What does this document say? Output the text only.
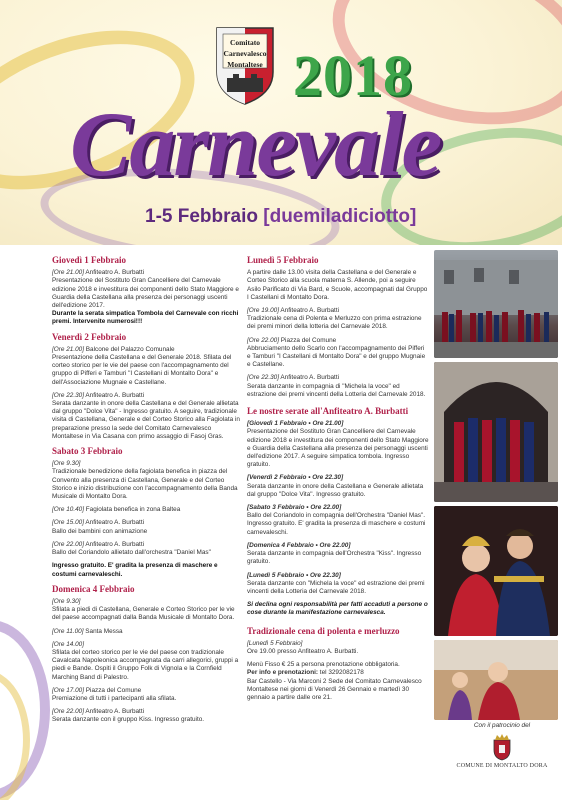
Comitato
Carnevalesco
Montaltese 2018
Carnevale
1-5 Febbraio [duemiladiciotto]
Giovedì 1 Febbraio
[Ore 21.00] Anfiteatro A. Burbatti
Presentazione del Sostituto Gran Cancelliere del Carnevale edizione 2018 e investitura dei componenti dello Stato Maggiore e Guardia della Castellana alla presenza dei personaggi uscenti dell'edizione 2017.
Durante la serata simpatica Tombola del Carnevale con ricchi premi. Intervenite numerosi!!!
Venerdì 2 Febbraio
[Ore 21.00] Balcone del Palazzo Comunale
Presentazione della Castellana e del Generale 2018. Sfilata del corteo storico per le vie del paese con l'accompagnamento del gruppo di Pifferi e Tamburi "I Castellani di Montalto Dora" e dell'Associazione Mugnaie e Castellane.
[Ore 22.30] Anfiteatro A. Burbatti
Serata danzante in onore della Castellana e del Generale allietata dal gruppo "Dolce Vita" - Ingresso gratuito. A seguire, tradizionale visita di Castellana, Generale e del Corteo Storico alla Fagiolata in preparazione presso la sede del Comitato Carnevalesco Montaltese in Via Casana con primo assaggio di Fasoj Gras.
Sabato 3 Febbraio
[Ore 9.30]
Tradizionale benedizione della fagiolata benefica in piazza del Convento alla presenza di Castellana, Generale e del Corteo Storico e inizio distribuzione con l'accompagnamento della Banda Musicale di Montalto Dora.
[Ore 10.40] Fagiolata benefica in zona Baltea
[Ore 15.00] Anfiteatro A. Burbatti
Ballo dei bambini con animazione
[Ore 22.00] Anfiteatro A. Burbatti
Ballo del Coriandolo allietato dall'orchestra "Daniel Mas"
Ingresso gratuito. E' gradita la presenza di maschere e costumi carnevaleschi.
Domenica 4 Febbraio
[Ore 9.30]
Sfilata a piedi di Castellana, Generale e Corteo Storico per le vie del paese accompagnati dalla Banda Musicale di Montalto Dora.
[Ore 11.00] Santa Messa
[Ore 14.00]
Sfilata del corteo storico per le vie del paese con tradizionale Cavalcata Napoleonica accompagnata da carri allegorici, gruppi a piedi e Bande. Ospiti il Gruppo Folk di Vignola e la Cornfield Marching Band di Palestro.
[Ore 17.00] Piazza del Comune
Premiazione di tutti i partecipanti alla sfilata.
[Ore 22.00] Anfiteatro A. Burbatti
Serata danzante con il gruppo Kiss. Ingresso gratuito.
Lunedì 5 Febbraio
A partire dalle 13.00 visita della Castellana e del Generale e Corteo Storico alla scuola materna S. Allende, poi a seguire Asilo Parificato di Via Bard, e Scuole, accompagnati dal Gruppo I Castellani di Montalto Dora.
[Ore 19.00] Anfiteatro A. Burbatti
Tradizionale cena di Polenta e Merluzzo con prima estrazione dei premi minori della lotteria del Carnevale 2018.
[Ore 22.00] Piazza del Comune
Abbruciamento dello Scarlo con l'accompagnamento dei Pifferi e Tamburi "I Castellani di Montalto Dora" e del gruppo Mugnaie e Castellane.
[Ore 22.30] Anfiteatro A. Burbatti
Serata danzante in compagnia di "Michela la voce" ed estrazione dei premi vincenti della Lotteria del Carnevale 2018.
Le nostre serate all'Anfiteatro A. Burbatti
[Giovedì 1 Febbraio • Ore 21.00]
Presentazione del Sostituto Gran Cancelliere del Carnevale edizione 2018 e investitura dei componenti dello Stato Maggiore e Guardia della Castellana alla presenza dei personaggi uscenti dell'edizione 2017. A seguire simpatica tombola. Ingresso gratuito.
[Venerdì 2 Febbraio • Ore 22.30]
Serata danzante in onore della Castellana e Generale allietata dal gruppo "Dolce Vita". Ingresso gratuito.
[Sabato 3 Febbraio • Ore 22.00]
Ballo del Coriandolo in compagnia dell'Orchestra "Daniel Mas". Ingresso gratuito. E' gradita la presenza di maschere e costumi carnevaleschi.
[Domenica 4 Febbraio • Ore 22.00]
Serata danzante in compagnia dell'Orchestra "Kiss". Ingresso gratuito.
[Lunedì 5 Febbraio • Ore 22.30]
Serata danzante con "Michela la voce" ed estrazione dei premi vincenti della Lotteria del Carnevale 2018.
Si declina ogni responsabilità per fatti accaduti a persone o cose durante la manifestazione carnevalesca.
Tradizionale cena di polenta e merluzzo
[Lunedì 5 Febbraio]
Ore 19.00 presso Anfiteatro A. Burbatti.
Menù Fisso € 25 a persona prenotazione obbligatoria.
Per info e prenotazioni: tel 3292082178
Bar Castello - Via Marconi 2 Sede del Comitato Carnevalesco Montaltese nei giorni di Venerdì 26 Gennaio e martedì 30 gennaio a partire dalle ore 21.
Con il patrocinio del
COMUNE DI MONTALTO DORA
